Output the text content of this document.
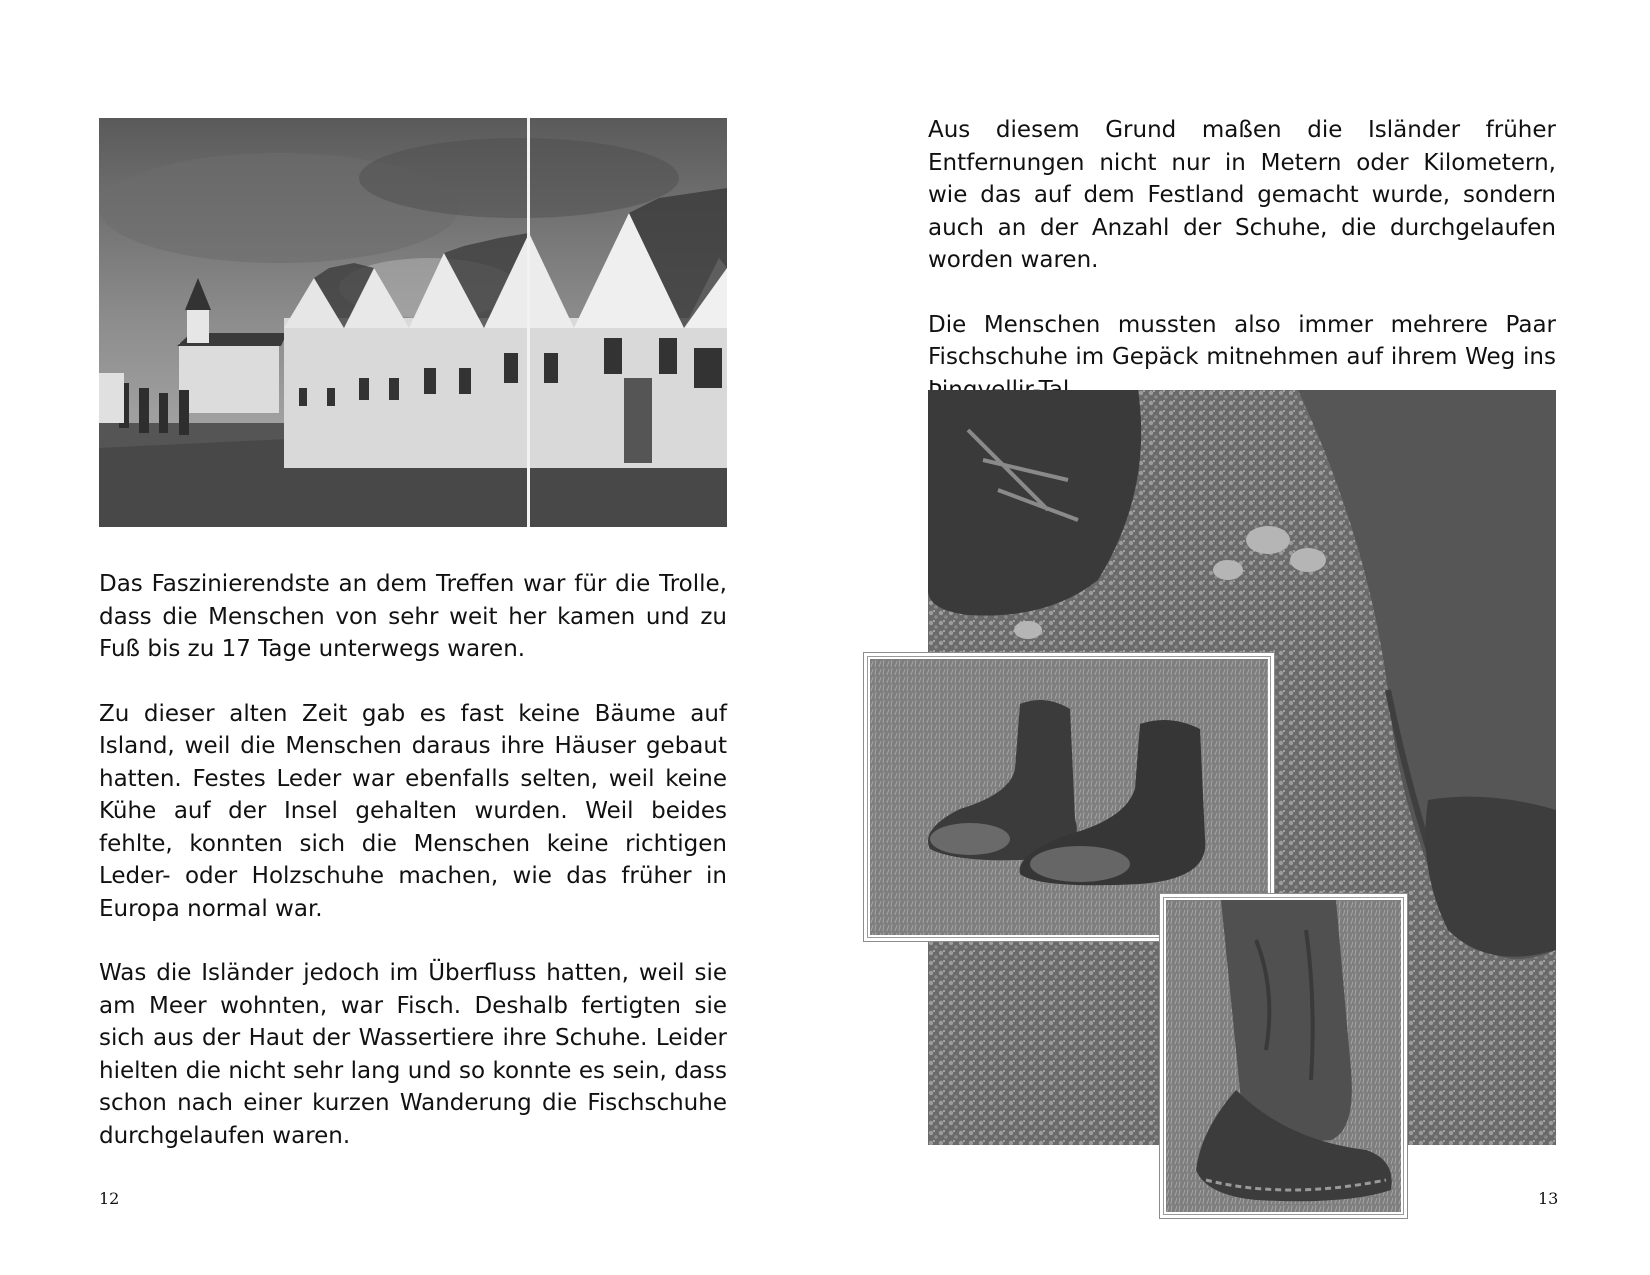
Das Faszinierendste an dem Treffen war für die Trolle, dass die Menschen von sehr weit her kamen und zu Fuß bis zu 17 Tage unterwegs waren.

Zu dieser alten Zeit gab es fast keine Bäume auf Island, weil die Menschen daraus ihre Häuser gebaut hatten. Festes Leder war ebenfalls selten, weil keine Kühe auf der Insel gehalten wurden. Weil beides fehlte, konnten sich die Menschen keine richtigen Leder- oder Holzschuhe machen, wie das früher in Europa normal war.

Was die Isländer jedoch im Überfluss hatten, weil sie am Meer wohnten, war Fisch. Deshalb fertigten sie sich aus der Haut der Wassertiere ihre Schuhe. Leider hielten die nicht sehr lang und so konnte es sein, dass schon nach einer kurzen Wanderung die Fischschuhe durchgelaufen waren.

12

Aus diesem Grund maßen die Isländer früher Entfernungen nicht nur in Metern oder Kilometern, wie das auf dem Festland gemacht wurde, sondern auch an der Anzahl der Schuhe, die durchgelaufen worden waren.

Die Menschen mussten also immer mehrere Paar Fischschuhe im Gepäck mitnehmen auf ihrem Weg ins

13
